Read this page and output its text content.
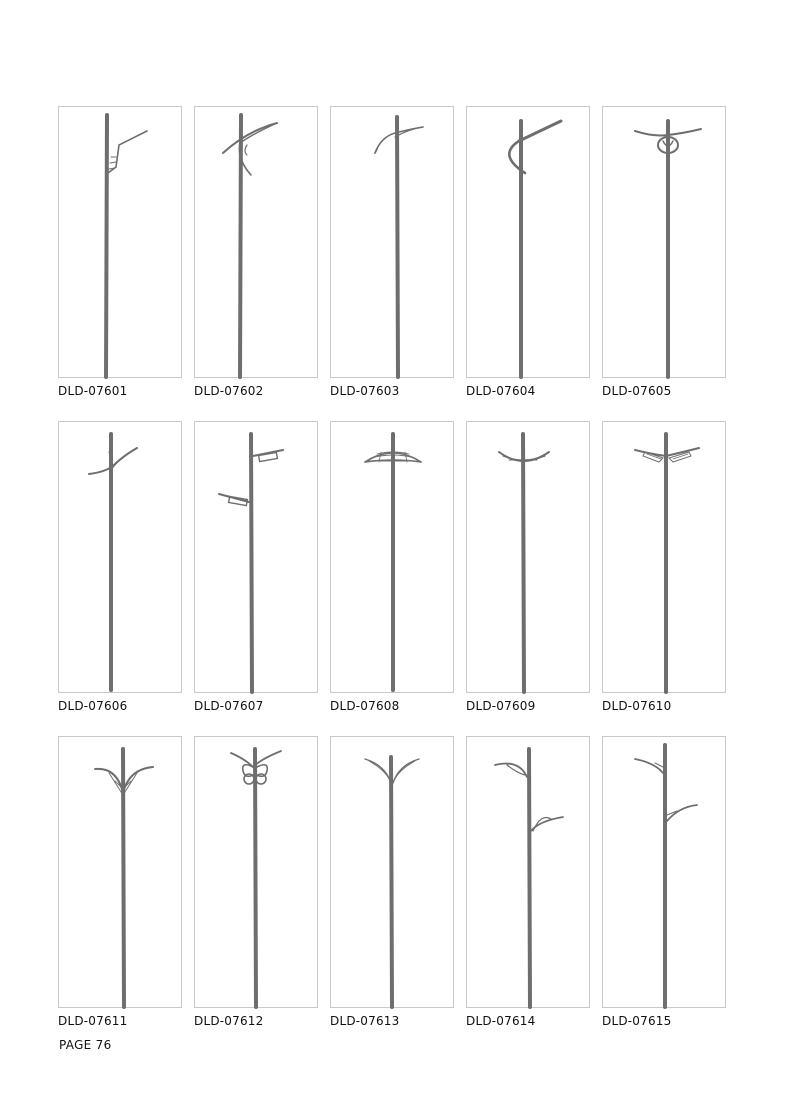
DLD-07601	DLD-07602	DLD-07603	DLD-07604	DLD-07605
DLD-07606	DLD-07607	DLD-07608	DLD-07609	DLD-07610
DLD-07611	DLD-07612	DLD-07613	DLD-07614	DLD-07615
PAGE 76
